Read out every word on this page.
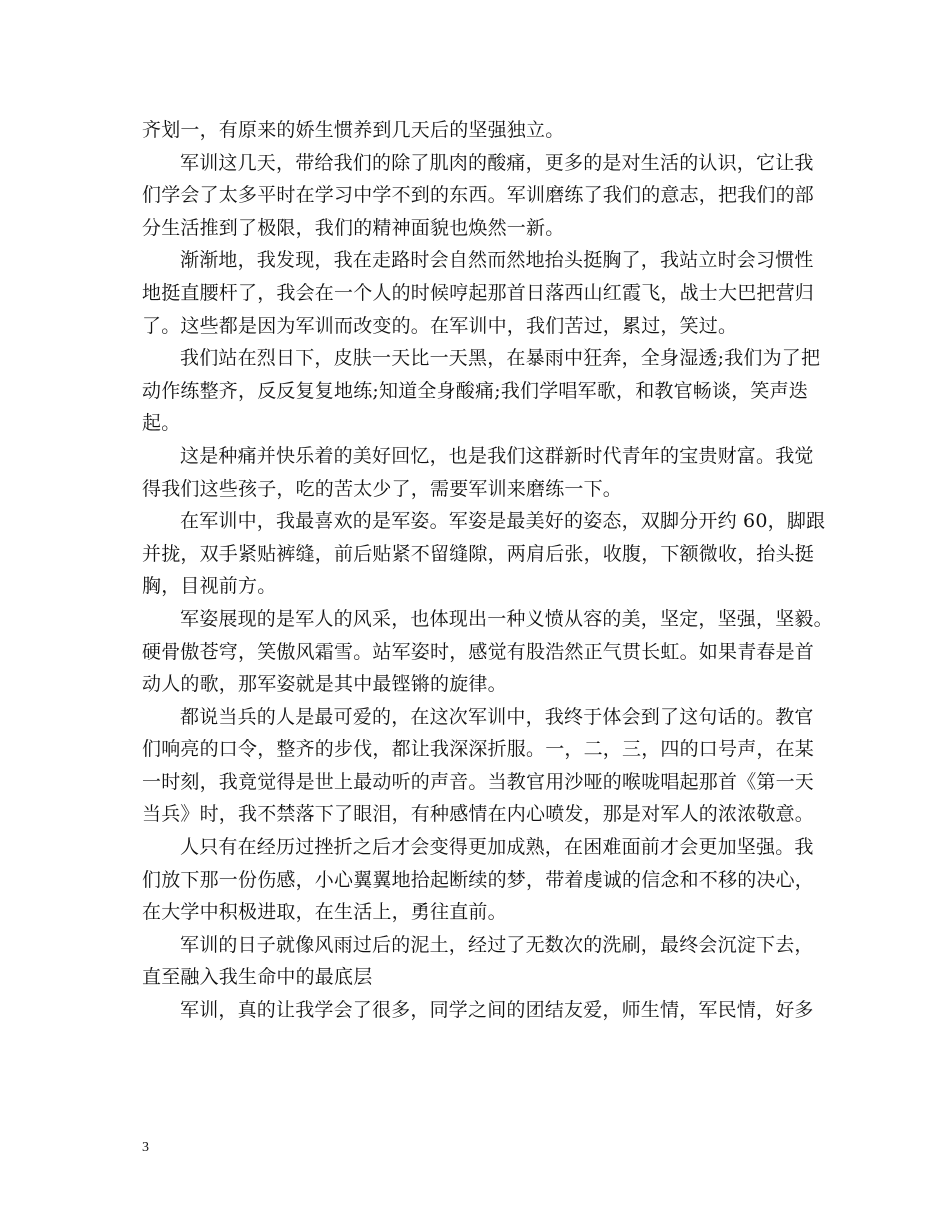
齐划一，有原来的娇生惯养到几天后的坚强独立。
军训这几天，带给我们的除了肌肉的酸痛，更多的是对生活的认识，它让我
们学会了太多平时在学习中学不到的东西。军训磨练了我们的意志，把我们的部
分生活推到了极限，我们的精神面貌也焕然一新。
渐渐地，我发现，我在走路时会自然而然地抬头挺胸了，我站立时会习惯性
地挺直腰杆了，我会在一个人的时候哼起那首日落西山红霞飞，战士大巴把营归
了。这些都是因为军训而改变的。在军训中，我们苦过，累过，笑过。
我们站在烈日下，皮肤一天比一天黑，在暴雨中狂奔，全身湿透;我们为了把
动作练整齐，反反复复地练;知道全身酸痛;我们学唱军歌，和教官畅谈，笑声迭
起。
这是种痛并快乐着的美好回忆，也是我们这群新时代青年的宝贵财富。我觉
得我们这些孩子，吃的苦太少了，需要军训来磨练一下。
在军训中，我最喜欢的是军姿。军姿是最美好的姿态，双脚分开约 60，脚跟
并拢，双手紧贴裤缝，前后贴紧不留缝隙，两肩后张，收腹，下额微收，抬头挺
胸，目视前方。
军姿展现的是军人的风采，也体现出一种义愤从容的美，坚定，坚强，坚毅。
硬骨傲苍穹，笑傲风霜雪。站军姿时，感觉有股浩然正气贯长虹。如果青春是首
动人的歌，那军姿就是其中最铿锵的旋律。
都说当兵的人是最可爱的，在这次军训中，我终于体会到了这句话的。教官
们响亮的口令，整齐的步伐，都让我深深折服。一，二，三，四的口号声，在某
一时刻，我竟觉得是世上最动听的声音。当教官用沙哑的喉咙唱起那首《第一天
当兵》时，我不禁落下了眼泪，有种感情在内心喷发，那是对军人的浓浓敬意。
人只有在经历过挫折之后才会变得更加成熟，在困难面前才会更加坚强。我
们放下那一份伤感，小心翼翼地拾起断续的梦，带着虔诚的信念和不移的决心，
在大学中积极进取，在生活上，勇往直前。
军训的日子就像风雨过后的泥土，经过了无数次的洗刷，最终会沉淀下去，
直至融入我生命中的最底层
军训，真的让我学会了很多，同学之间的团结友爱，师生情，军民情，好多
3
